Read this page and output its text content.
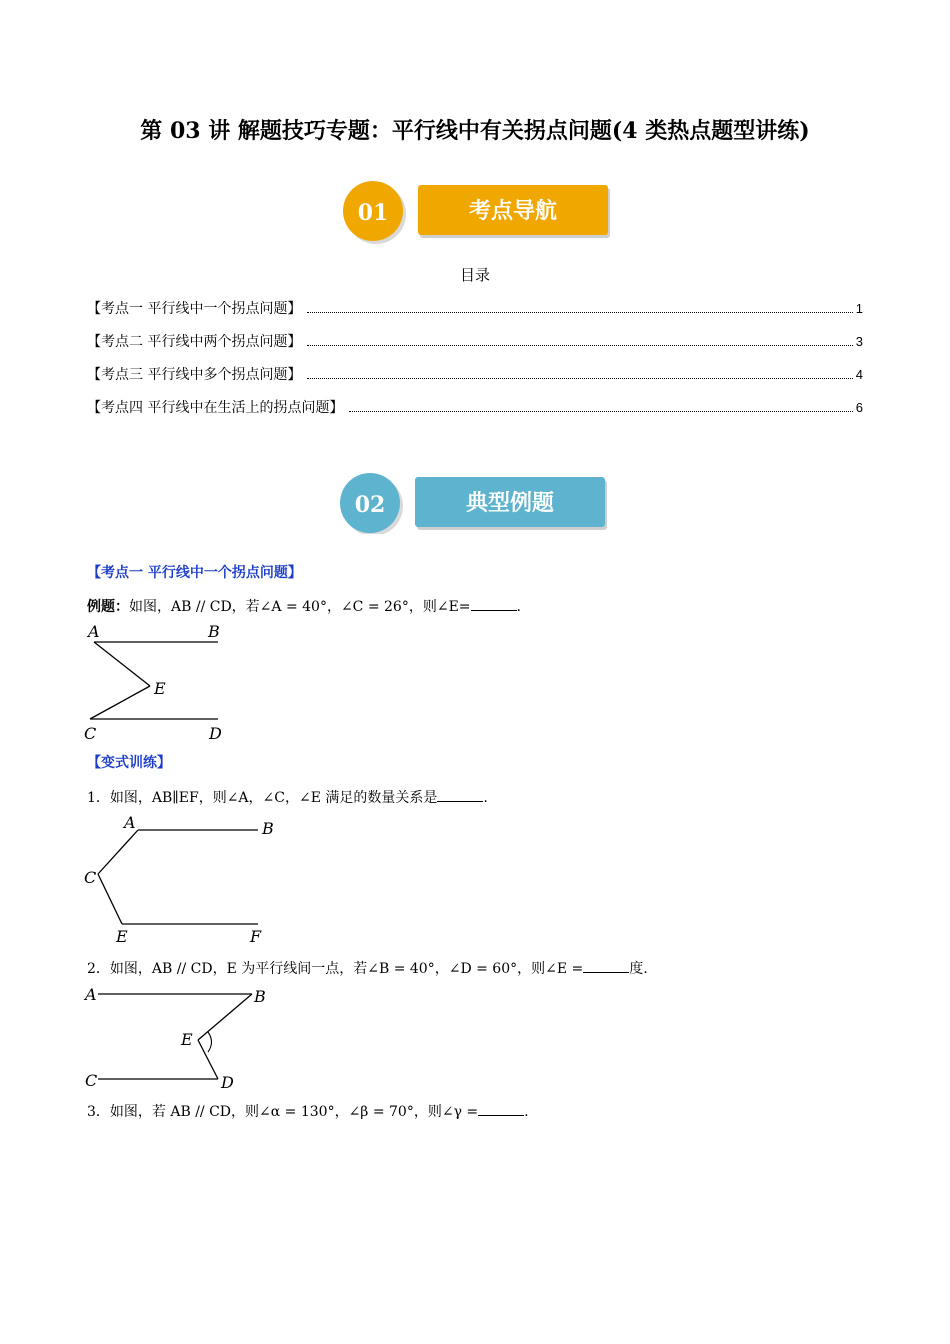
第 03 讲 解题技巧专题：平行线中有关拐点问题(4 类热点题型讲练)
01	考点导航
目录
【考点一 平行线中一个拐点问题】	1
【考点二 平行线中两个拐点问题】	3
【考点三 平行线中多个拐点问题】	4
【考点四 平行线中在生活上的拐点问题】	6
02	典型例题
【考点一 平行线中一个拐点问题】
例题：如图，AB // CD，若∠A = 40°，∠C = 26°，则∠E=	.
A	B
E
C	D
【变式训练】
1．如图，AB∥EF，则∠A，∠C，∠E 满足的数量关系是	.
A	B
C
E	F
2．如图，AB // CD，E 为平行线间一点，若∠B = 40°，∠D = 60°，则∠E =	度.
A	B
E
C	D
3．如图，若 AB // CD，则∠α = 130°，∠β = 70°，则∠γ =	.
